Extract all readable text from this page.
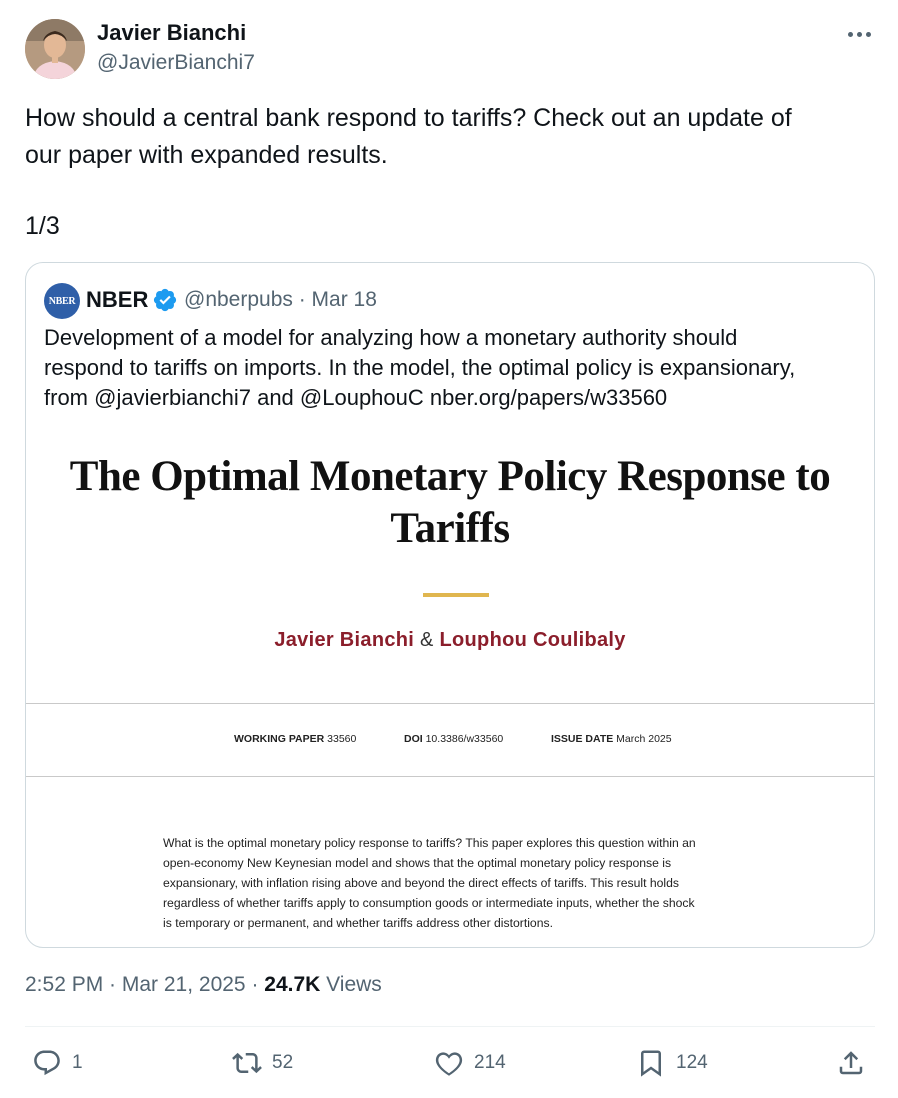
Javier Bianchi
@JavierBianchi7

How should a central bank respond to tariffs? Check out an update of

our paper with expanded results.

1/3
NBER NBER @nberpubs · Mar 18
Development of a model for analyzing how a monetary authority should
respond to tariffs on imports. In the model, the optimal policy is expansionary,
from @javierbianchi7 and @LouphouC nber.org/papers/w33560
The Optimal Monetary Policy Response to
Tariffs
Javier Bianchi & Louphou Coulibaly
WORKING PAPER 33560	DOI 10.3386/w33560	ISSUE DATE March 2025
What is the optimal monetary policy response to tariffs? This paper explores this question within an
open-economy New Keynesian model and shows that the optimal monetary policy response is
expansionary, with inflation rising above and beyond the direct effects of tariffs. This result holds
regardless of whether tariffs apply to consumption goods or intermediate inputs, whether the shock
is temporary or permanent, and whether tariffs address other distortions.
2:52 PM · Mar 21, 2025 · 24.7K Views
1	52	214	124
